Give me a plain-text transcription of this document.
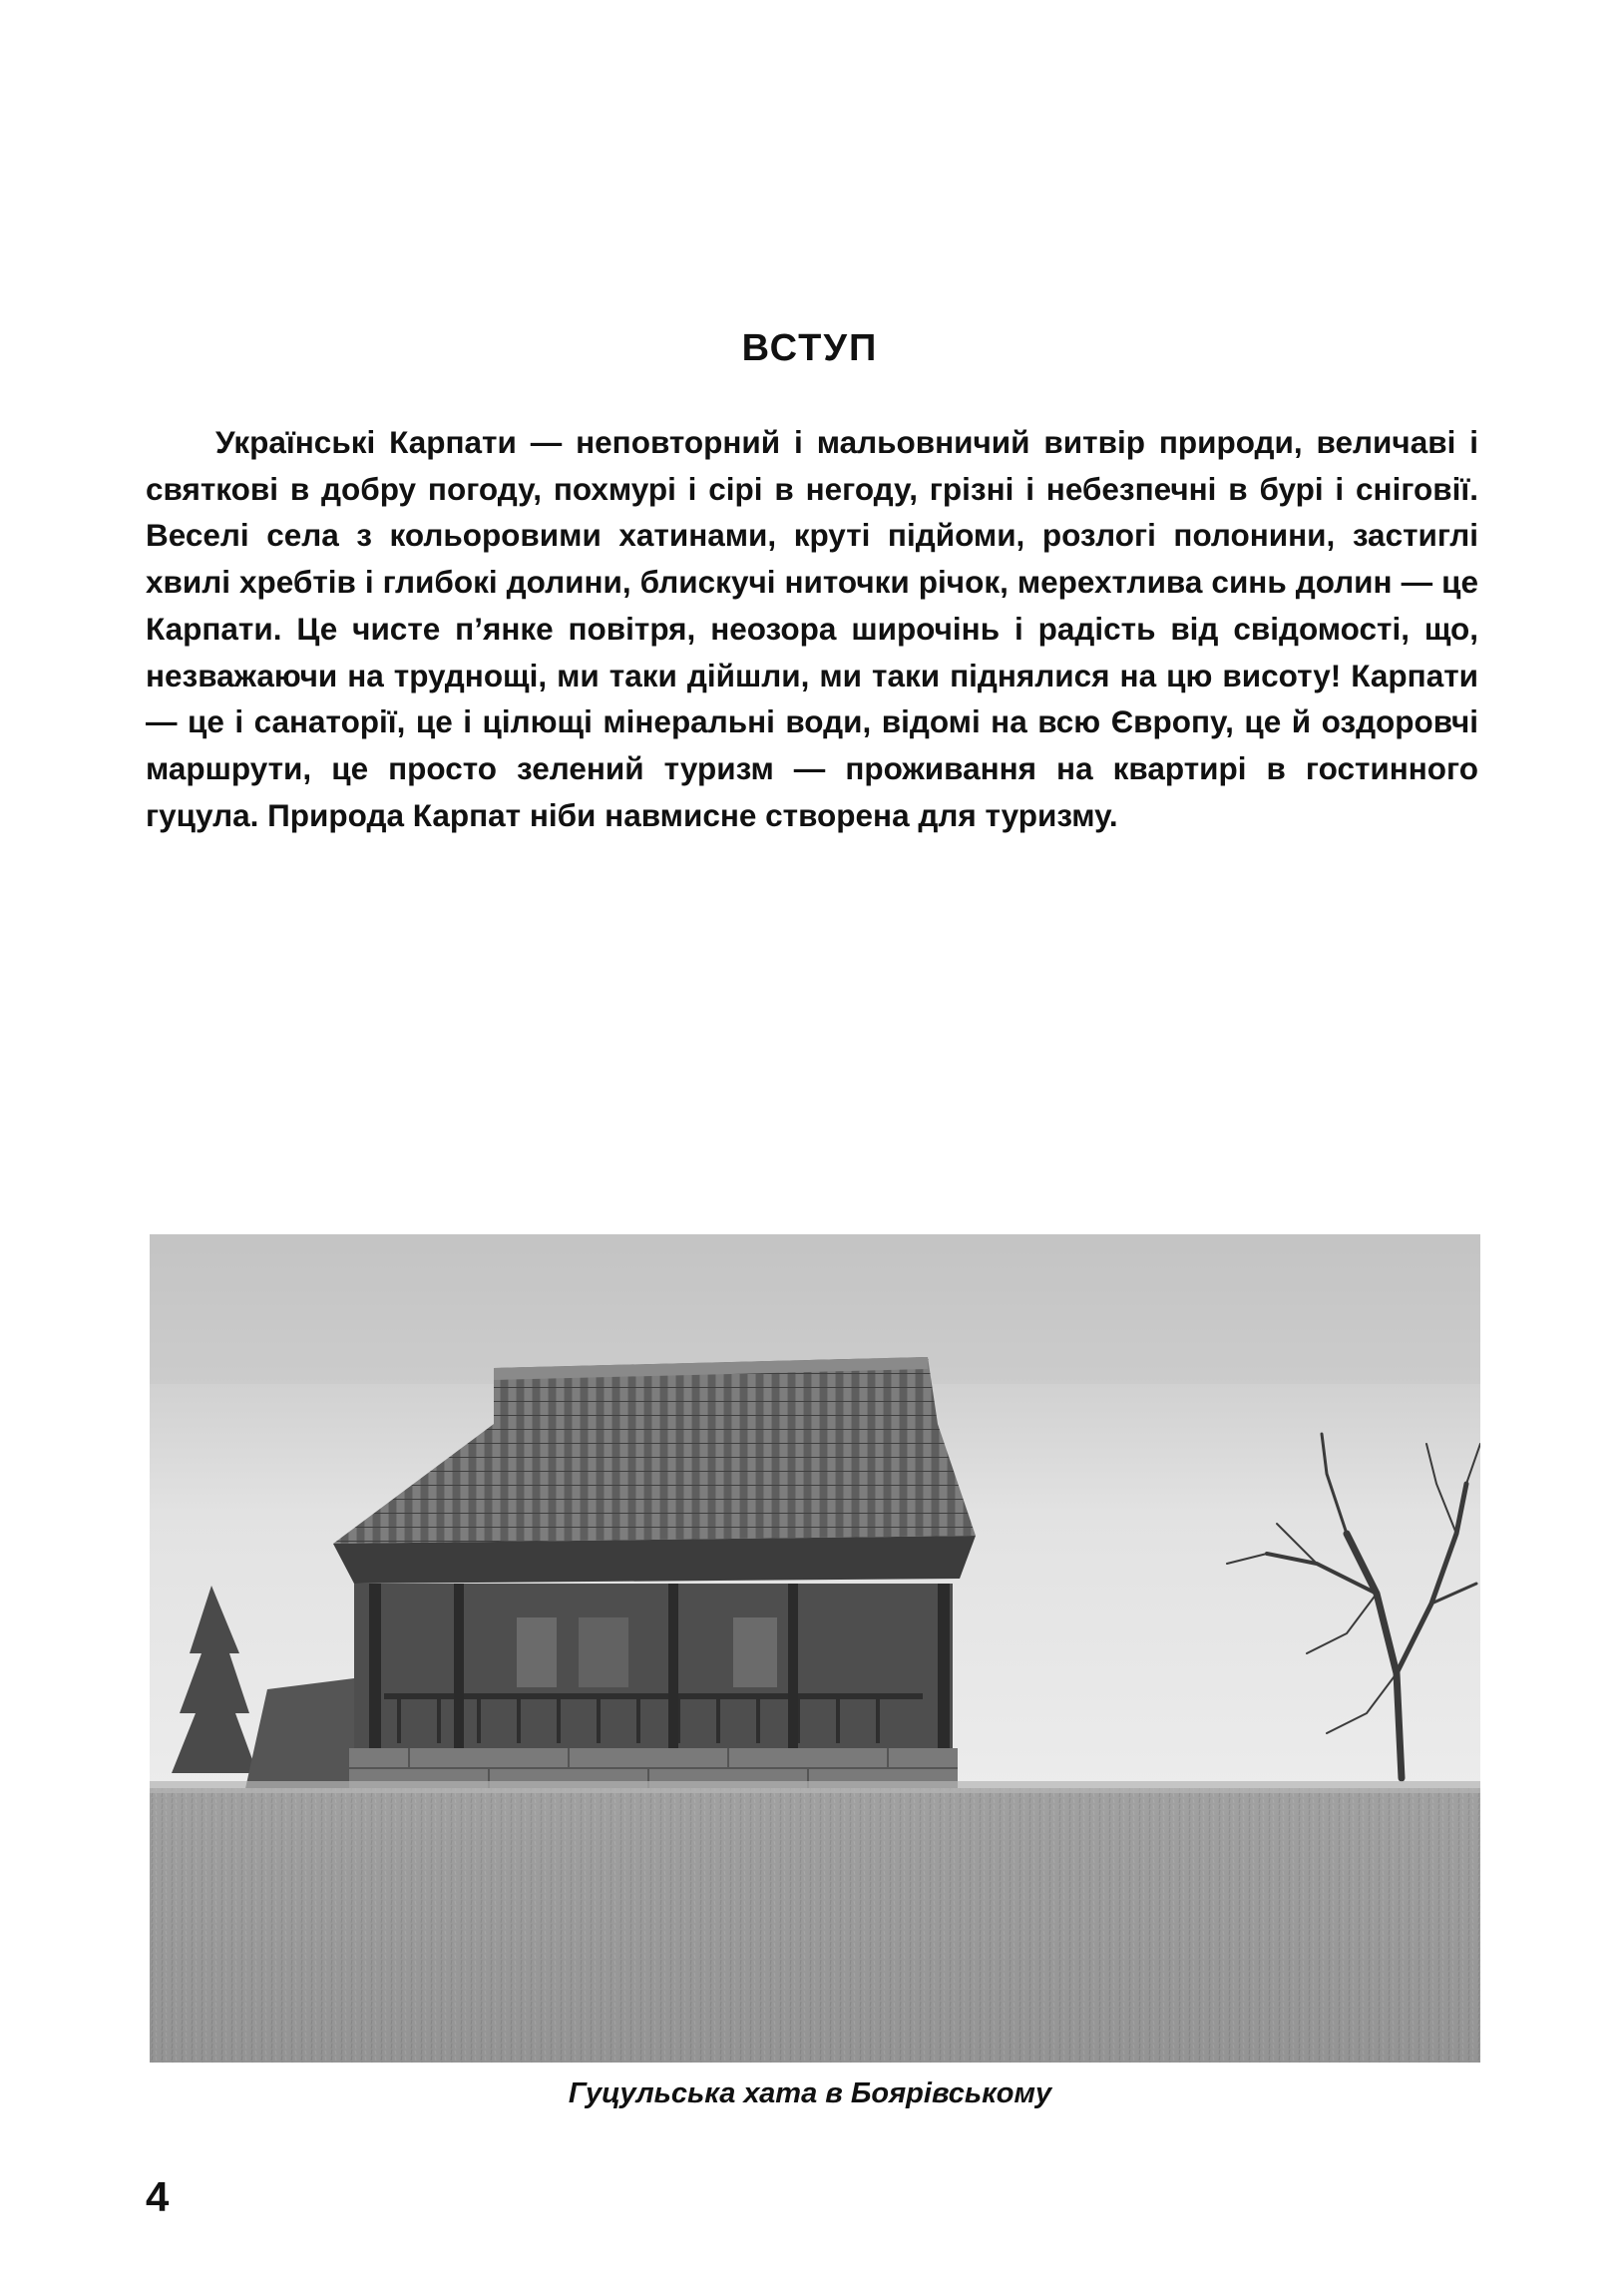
ВСТУП

Українські Карпати — неповторний і мальовничий витвір природи, величаві і святкові в добру погоду, похмурі і сірі в негоду, грізні і небезпечні в бурі і сніговії. Веселі села з кольоровими хатинами, круті підйоми, розлогі полонини, застиглі хвилі хребтів і глибокі долини, блискучі ниточки річок, мерехтлива синь долин — це Карпати. Це чисте п’янке повітря, неозора широчінь і радість від свідомості, що, незважаючи на труднощі, ми таки дійшли, ми таки піднялися на цю висоту! Карпати — це і санаторії, це і цілющі мінеральні води, відомі на всю Європу, це й оздоровчі маршрути, це просто зелений туризм — проживання на квартирі в гостинного гуцула. Природа Карпат ніби навмисне створена для туризму.

Гуцульська хата в Боярівському

4
